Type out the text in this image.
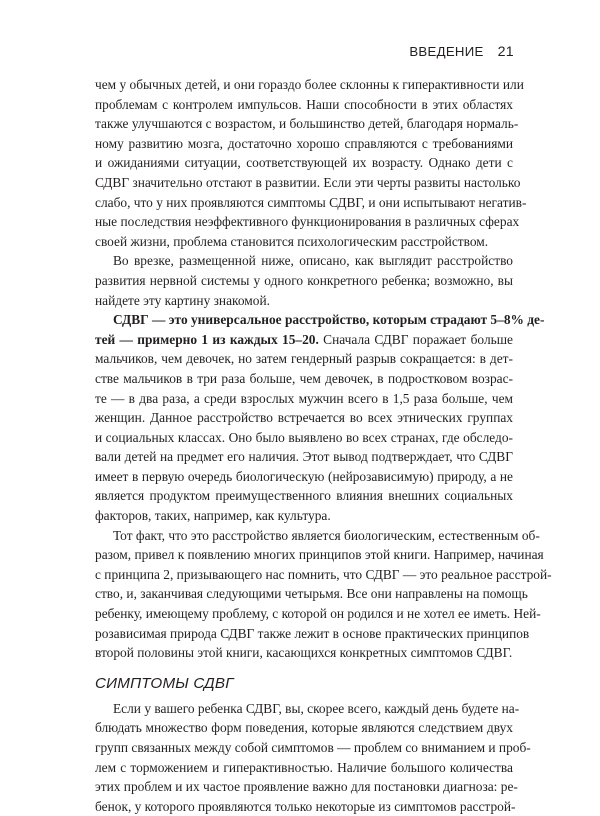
ВВЕДЕНИЕ 21
чем у обычных детей, и они гораздо более склонны к гиперактивности или
проблемам с контролем импульсов. Наши способности в этих областях
также улучшаются с возрастом, и большинство детей, благодаря нормаль-
ному развитию мозга, достаточно хорошо справляются с требованиями
и ожиданиями ситуации, соответствующей их возрасту. Однако дети с
СДВГ значительно отстают в развитии. Если эти черты развиты настолько
слабо, что у них проявляются симптомы СДВГ, и они испытывают негатив-
ные последствия неэффективного функционирования в различных сферах
своей жизни, проблема становится психологическим расстройством.
Во врезке, размещенной ниже, описано, как выглядит расстройство
развития нервной системы у одного конкретного ребенка; возможно, вы
найдете эту картину знакомой.
СДВГ — это универсальное расстройство, которым страдают 5–8% де-
тей — примерно 1 из каждых 15–20. Сначала СДВГ поражает больше
мальчиков, чем девочек, но затем гендерный разрыв сокращается: в дет-
стве мальчиков в три раза больше, чем девочек, в подростковом возрас-
те — в два раза, а среди взрослых мужчин всего в 1,5 раза больше, чем
женщин. Данное расстройство встречается во всех этнических группах
и социальных классах. Оно было выявлено во всех странах, где обследо-
вали детей на предмет его наличия. Этот вывод подтверждает, что СДВГ
имеет в первую очередь биологическую (нейрозависимую) природу, а не
является продуктом преимущественного влияния внешних социальных
факторов, таких, например, как культура.
Тот факт, что это расстройство является биологическим, естественным об-
разом, привел к появлению многих принципов этой книги. Например, начиная
с принципа 2, призывающего нас помнить, что СДВГ — это реальное расстрой-
ство, и, заканчивая следующими четырьмя. Все они направлены на помощь
ребенку, имеющему проблему, с которой он родился и не хотел ее иметь. Ней-
розависимая природа СДВГ также лежит в основе практических принципов
второй половины этой книги, касающихся конкретных симптомов СДВГ.
СИМПТОМЫ СДВГ
Если у вашего ребенка СДВГ, вы, скорее всего, каждый день будете на-
блюдать множество форм поведения, которые являются следствием двух
групп связанных между собой симптомов — проблем со вниманием и проб-
лем с торможением и гиперактивностью. Наличие большого количества
этих проблем и их частое проявление важно для постановки диагноза: ре-
бенок, у которого проявляются только некоторые из симптомов расстрой-
